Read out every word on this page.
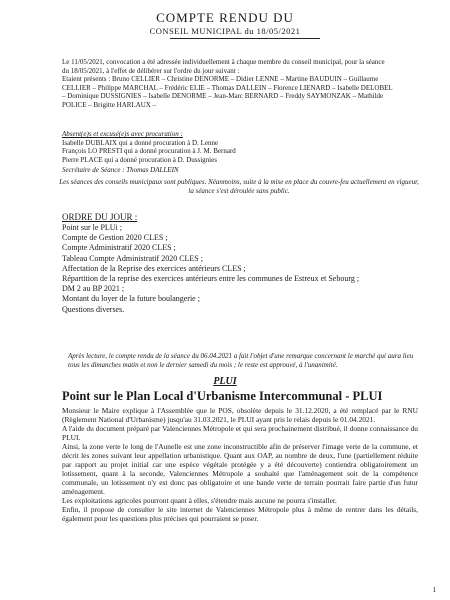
COMPTE RENDU DU
CONSEIL MUNICIPAL du 18/05/2021
Le 11/05/2021, convocation a été adressée individuellement à chaque membre du conseil municipal, pour la séance
du 18/05/2021, à l'effet de délibérer sur l'ordre du jour suivant :
Etaient présents : Bruno CELLIER – Christine DENORME – Didier LENNE – Martine BAUDUIN – Guillaume
CELLIER – Philippe MARCHAL – Frédéric ELIE – Thomas DALLEIN – Florence LIENARD – Isabelle DELOBEL
– Dominique DUSSIGNIES – Isabelle DENORME – Jean-Marc BERNARD – Freddy SAYMONZAK – Mathilde
POLICE – Brigitte HARLAUX –
Absent(e)s et excusé(e)s avec procuration :
Isabelle DUBLAIX qui a donné procuration à D. Lenne
François LO PRESTI qui a donné procuration à J. M. Bernard
Pierre PLACE qui a donné procuration à D. Dussignies
Secrétaire de Séance : Thomas DALLEIN
Les séances des conseils municipaux sont publiques. Néanmoins, suite à la mise en place du couvre-feu actuellement en vigueur, la séance s'est déroulée sans public.
ORDRE DU JOUR :
Point sur le PLUi ;
Compte de Gestion 2020 CLES ;
Compte Administratif 2020 CLES ;
Tableau Compte Administratif 2020 CLES ;
Affectation de la Reprise des exercices antérieurs CLES ;
Répartition de la reprise des exercices antérieurs entre les communes de Estreux et Sebourg ;
DM 2 au BP 2021 ;
Montant du loyer de la future boulangerie ;
Questions diverses.
Après lecture, le compte rendu de la séance du 06.04.2021 a fait l'objet d'une remarque concernant le marché qui aura lieu tous les dimanches matin et non le dernier samedi du mois ; le reste est approuvé, à l'unanimité.
PLUI
Point sur le Plan Local d'Urbanisme Intercommunal - PLUI

Monsieur le Maire explique à l'Assemblée que le POS, obsolète depuis le 31.12.2020, a été remplacé par le RNU (Règlement National d'Urbanisme) jusqu'au 31.03.2021, le PLUI ayant pris le relais depuis le 01.04.2021.

A l'aide du document préparé par Valenciennes Métropole et qui sera prochainement distribué, il donne connaissance du PLUI.

Ainsi, la zone verte le long de l'Aunelle est une zone inconstructible afin de préserver l'image verte de la commune, et décrit les zones suivant leur appellation urbanistique. Quant aux OAP, au nombre de deux, l'une (partiellement réduite par rapport au projet initial car une espèce végétale protégée y a été découverte) contiendra obligatoirement un lotissement, quant à la seconde, Valenciennes Métropole a souhaité que l'aménagement soit de la compétence communale, un lotissement n'y est donc pas obligatoire et une bande verte de terrain pourrait faire partie d'un futur aménagement.

Les exploitations agricoles pourront quant à elles, s'étendre mais aucune ne pourra s'installer.

Enfin, il propose de consulter le site internet de Valenciennes Métropole plus à même de rentrer dans les détails, également pour les questions plus précises qui pourraient se poser.

1
